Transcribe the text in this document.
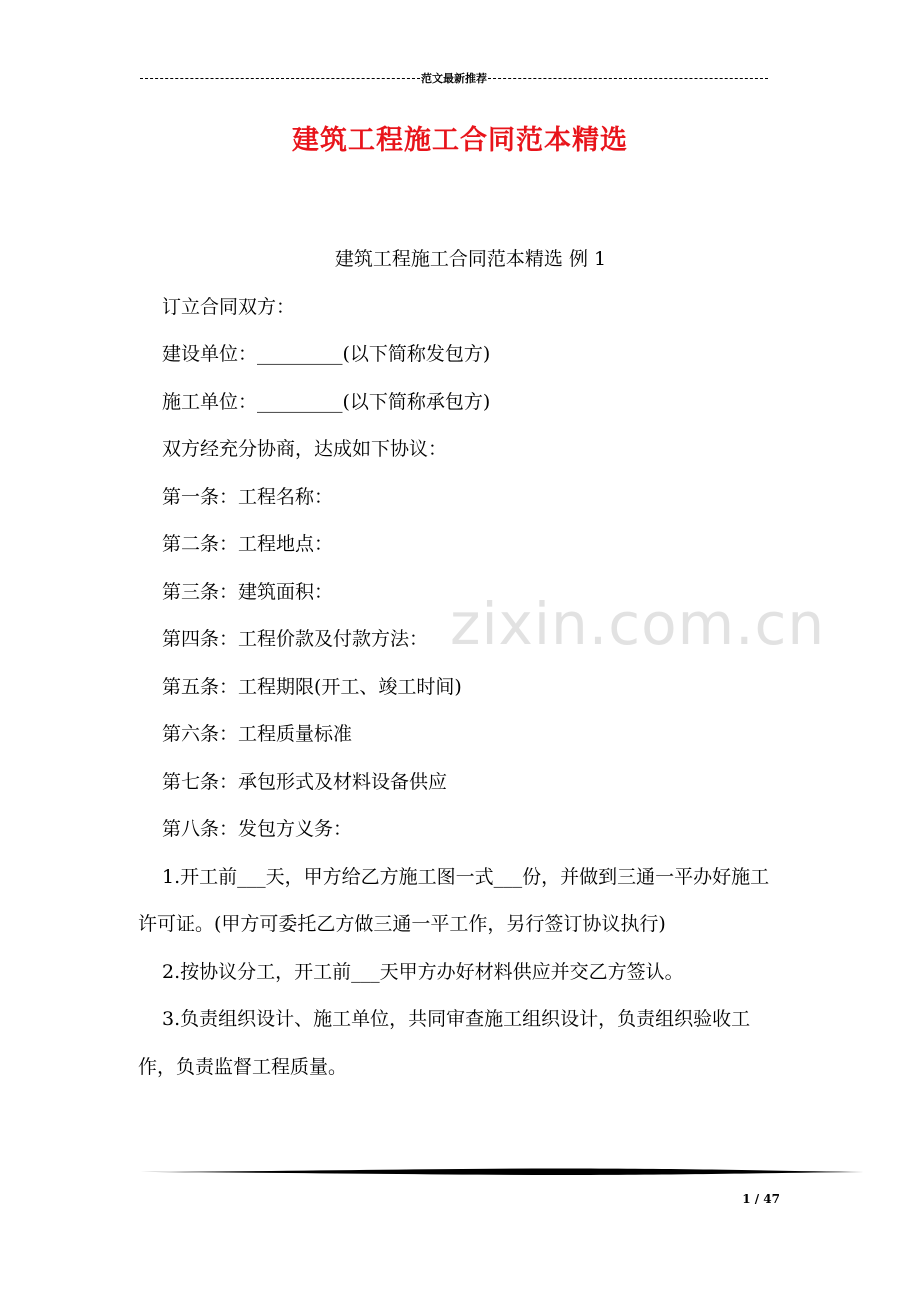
范文最新推荐
建筑工程施工合同范本精选
zixin.com.cn
建筑工程施工合同范本精选 例 1

订立合同双方：

建设单位：_________(以下简称发包方)

施工单位：_________(以下简称承包方)

双方经充分协商，达成如下协议：

第一条：工程名称：

第二条：工程地点：

第三条：建筑面积：

第四条：工程价款及付款方法：

第五条：工程期限(开工、竣工时间)

第六条：工程质量标准

第七条：承包形式及材料设备供应

第八条：发包方义务：

1.开工前___天，甲方给乙方施工图一式___份，并做到三通一平办好施工许可证。(甲方可委托乙方做三通一平工作，另行签订协议执行)

2.按协议分工，开工前___天甲方办好材料供应并交乙方签认。

3.负责组织设计、施工单位，共同审查施工组织设计，负责组织验收工作，负责监督工程质量。

1 / 47
